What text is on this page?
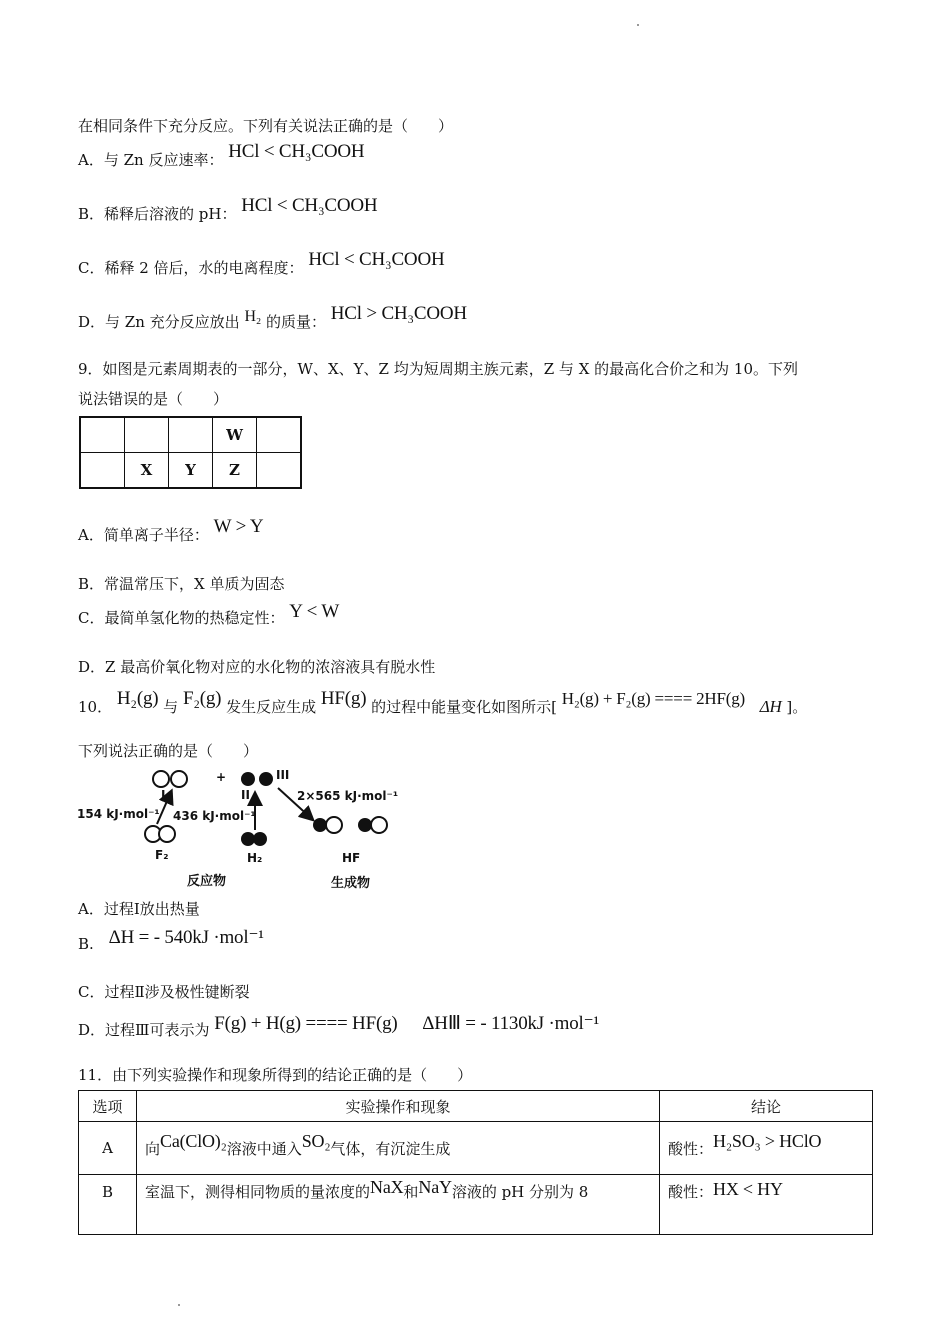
在相同条件下充分反应。下列有关说法正确的是（　　）
A．与 Zn 反应速率： HCl < CH₃COOH
B．稀释后溶液的 pH： HCl < CH₃COOH
C．稀释 2 倍后，水的电离程度： HCl < CH₃COOH
D．与 Zn 充分反应放出 H₂ 的质量： HCl > CH₃COOH
9．如图是元素周期表的一部分，W、X、Y、Z 均为短周期主族元素，Z 与 X 的最高化合价之和为 10。下列
说法错误的是（　　）
			W	
	X	Y	Z	
A．简单离子半径： W > Y
B．常温常压下，X 单质为固态
C．最简单氢化物的热稳定性： Y < W
D．Z 最高价氧化物对应的水化物的浓溶液具有脱水性
10． H₂(g) 与 F₂(g) 发生反应生成 HF(g) 的过程中能量变化如图所示[ H₂(g) + F₂(g) ==== 2HF(g) ΔH ]。
下列说法正确的是（　　）
+
I	II
III
154 kJ·mol⁻¹ 436 kJ·mol⁻¹
2×565 kJ·mol⁻¹
F₂	H₂	HF
反应物	生成物
A．过程Ⅰ放出热量
B. ΔH = - 540kJ ·mol⁻¹
C．过程Ⅱ涉及极性键断裂
D．过程Ⅲ可表示为 F(g) + H(g) ==== HF(g) ΔHⅢ = - 1130kJ ·mol⁻¹
11．由下列实验操作和现象所得到的结论正确的是（　　）
选项	实验操作和现象	结论
A	向Ca(ClO)₂溶液中通入SO₂气体，有沉淀生成	酸性：H₂SO₃ > HClO
B	室温下，测得相同物质的量浓度的NaX和NaY溶液的 pH 分别为 8	酸性：HX < HY
